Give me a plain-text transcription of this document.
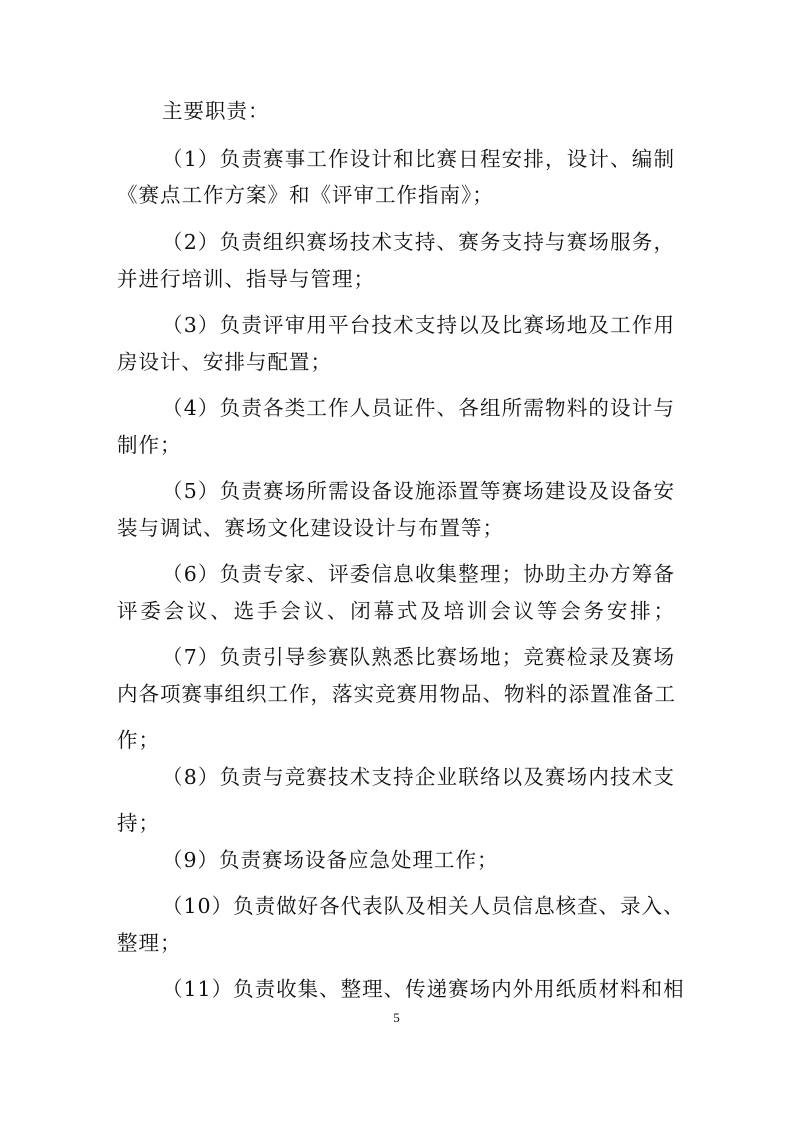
主要职责：
（1）负责赛事工作设计和比赛日程安排，设计、编制
《赛点工作方案》和《评审工作指南》；
（2）负责组织赛场技术支持、赛务支持与赛场服务，
并进行培训、指导与管理；
（3）负责评审用平台技术支持以及比赛场地及工作用
房设计、安排与配置；
（4）负责各类工作人员证件、各组所需物料的设计与
制作；
（5）负责赛场所需设备设施添置等赛场建设及设备安
装与调试、赛场文化建设设计与布置等；
（6）负责专家、评委信息收集整理；协助主办方筹备
评委会议、选手会议、闭幕式及培训会议等会务安排；
（7）负责引导参赛队熟悉比赛场地；竞赛检录及赛场
内各项赛事组织工作，落实竞赛用物品、物料的添置准备工
作；
（8）负责与竞赛技术支持企业联络以及赛场内技术支
持；
（9）负责赛场设备应急处理工作；
（10）负责做好各代表队及相关人员信息核查、录入、
整理；
（11）负责收集、整理、传递赛场内外用纸质材料和相
5
